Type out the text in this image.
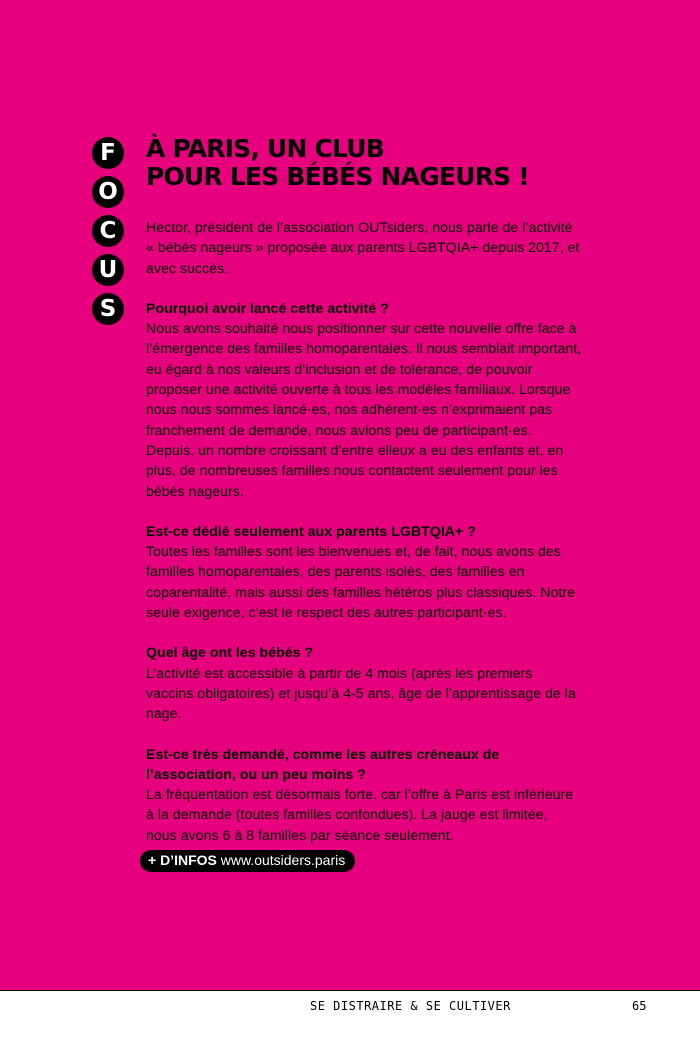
F
O
C
U
S
À PARIS, UN CLUB
POUR LES BÉBÉS NAGEURS !

Hector, président de l’association OUTsiders, nous parle de l’activité « bébés nageurs » proposée aux parents LGBTQIA+ depuis 2017, et avec succès.

Pourquoi avoir lancé cette activité ?

Nous avons souhaité nous positionner sur cette nouvelle offre face à l’émergence des familles homoparentales. Il nous semblait important, eu égard à nos valeurs d’inclusion et de tolérance, de pouvoir proposer une activité ouverte à tous les modèles familiaux. Lorsque nous nous sommes lancé·es, nos adhérent·es n’exprimaient pas franchement de demande, nous avions peu de participant·es. Depuis, un nombre croissant d’entre elleux a eu des enfants et, en plus, de nombreuses familles nous contactent seulement pour les bébés nageurs.

Est-ce dédié seulement aux parents LGBTQIA+ ?

Toutes les familles sont les bienvenues et, de fait, nous avons des familles homoparentales, des parents isolés, des familles en coparentalité, mais aussi des familles hétéros plus classiques. Notre seule exigence, c’est le respect des autres participant·es.

Quel âge ont les bébés ?

L’activité est accessible à partir de 4 mois (après les premiers vaccins obligatoires) et jusqu’à 4-5 ans, âge de l’apprentissage de la nage.

Est-ce très demandé, comme les autres créneaux de l’association, ou un peu moins ?

La fréquentation est désormais forte, car l’offre à Paris est inférieure à la demande (toutes familles confondues). La jauge est limitée, nous avons 6 à 8 familles par séance seulement.

+ D’INFOS www.outsiders.paris
SE DISTRAIRE & SE CULTIVER	65
